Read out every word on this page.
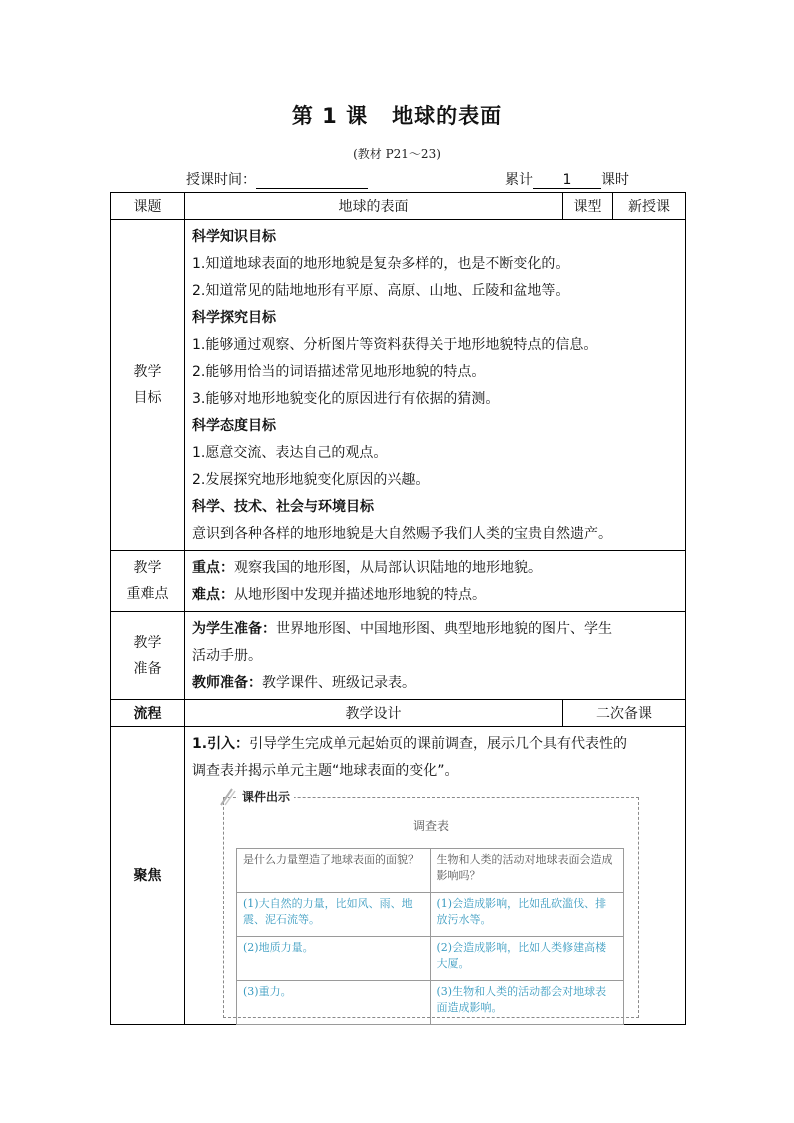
第 1 课 地球的表面
(教材 P21～23)
授课时间：	累计 1 课时
课题	地球的表面	课型	新授课

教学
目标

科学知识目标
1.知道地球表面的地形地貌是复杂多样的，也是不断变化的。
2.知道常见的陆地地形有平原、高原、山地、丘陵和盆地等。
科学探究目标
1.能够通过观察、分析图片等资料获得关于地形地貌特点的信息。
2.能够用恰当的词语描述常见地形地貌的特点。
3.能够对地形地貌变化的原因进行有依据的猜测。
科学态度目标
1.愿意交流、表达自己的观点。
2.发展探究地形地貌变化原因的兴趣。
科学、技术、社会与环境目标
意识到各种各样的地形地貌是大自然赐予我们人类的宝贵自然遗产。

教学
重难点

重点：观察我国的地形图，从局部认识陆地的地形地貌。
难点：从地形图中发现并描述地形地貌的特点。

教学
准备

为学生准备：世界地形图、中国地形图、典型地形地貌的图片、学生
活动手册。
教师准备：教学课件、班级记录表。

流程	教学设计	二次备课
聚焦	
1.引入：引导学生完成单元起始页的课前调查，展示几个具有代表性的
调查表并揭示单元主题“地球表面的变化”。
课件出示
调查表
是什么力量塑造了地球表面的面貌？	生物和人类的活动对地球表面会造成影响吗？
(1)大自然的力量，比如风、雨、地震、泥石流等。	(1)会造成影响，比如乱砍滥伐、排放污水等。
(2)地质力量。	(2)会造成影响，比如人类修建高楼大厦。
(3)重力。	(3)生物和人类的活动都会对地球表面造成影响。
